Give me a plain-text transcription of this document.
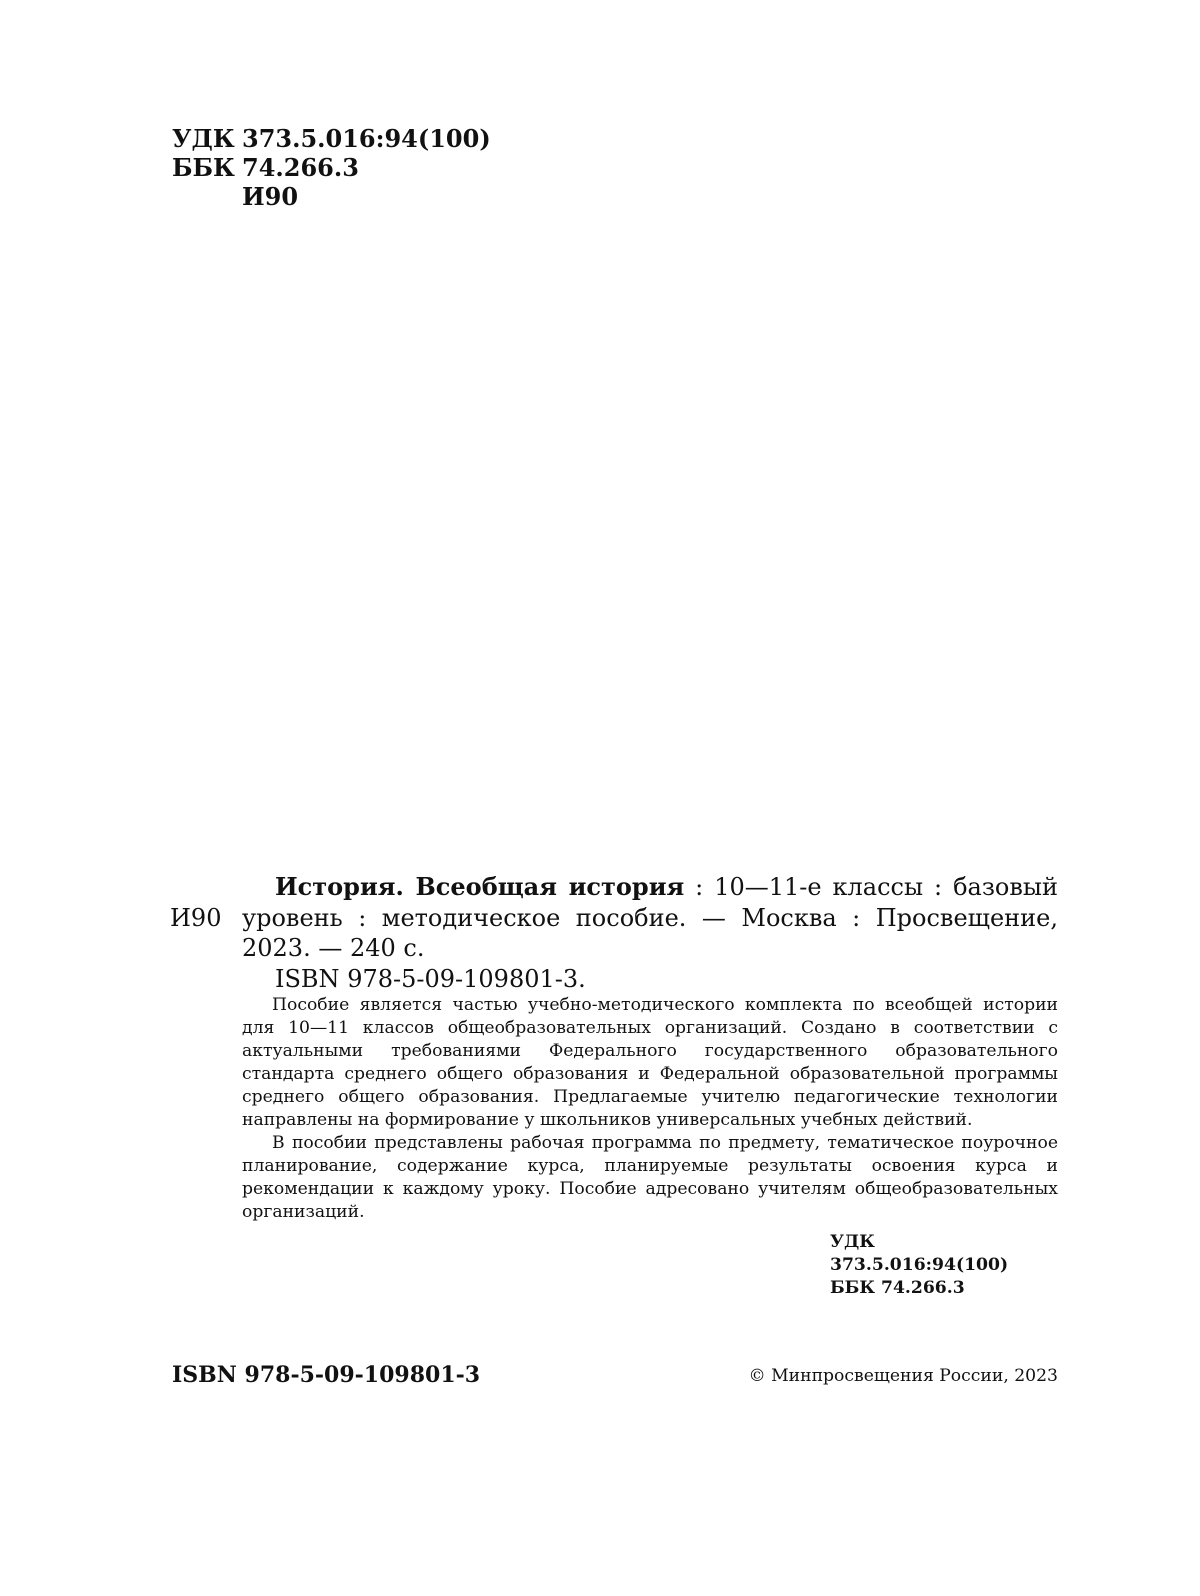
УДК 373.5.016:94(100)
ББК 74.266.3
И90
И90

История. Всеобщая история : 10—11-е классы : базовый уровень : методическое пособие. — Москва : Просвещение, 2023. — 240 с.

ISBN 978-5-09-109801-3.

Пособие является частью учебно-методического комплекта по всеобщей истории для 10—11 классов общеобразовательных организаций. Создано в соответствии с актуальными требованиями Федерального государственного образовательного стандарта среднего общего образования и Федеральной образовательной программы среднего общего образования. Предлагаемые учителю педагогические технологии направлены на формирование у школьников универсальных учебных действий.

В пособии представлены рабочая программа по предмету, тематическое поурочное планирование, содержание курса, планируемые результаты освоения курса и рекомендации к каждому уроку. Пособие адресовано учителям общеобразовательных организаций.

УДК 373.5.016:94(100)
ББК 74.266.3
ISBN 978-5-09-109801-3	© Минпросвещения России, 2023
